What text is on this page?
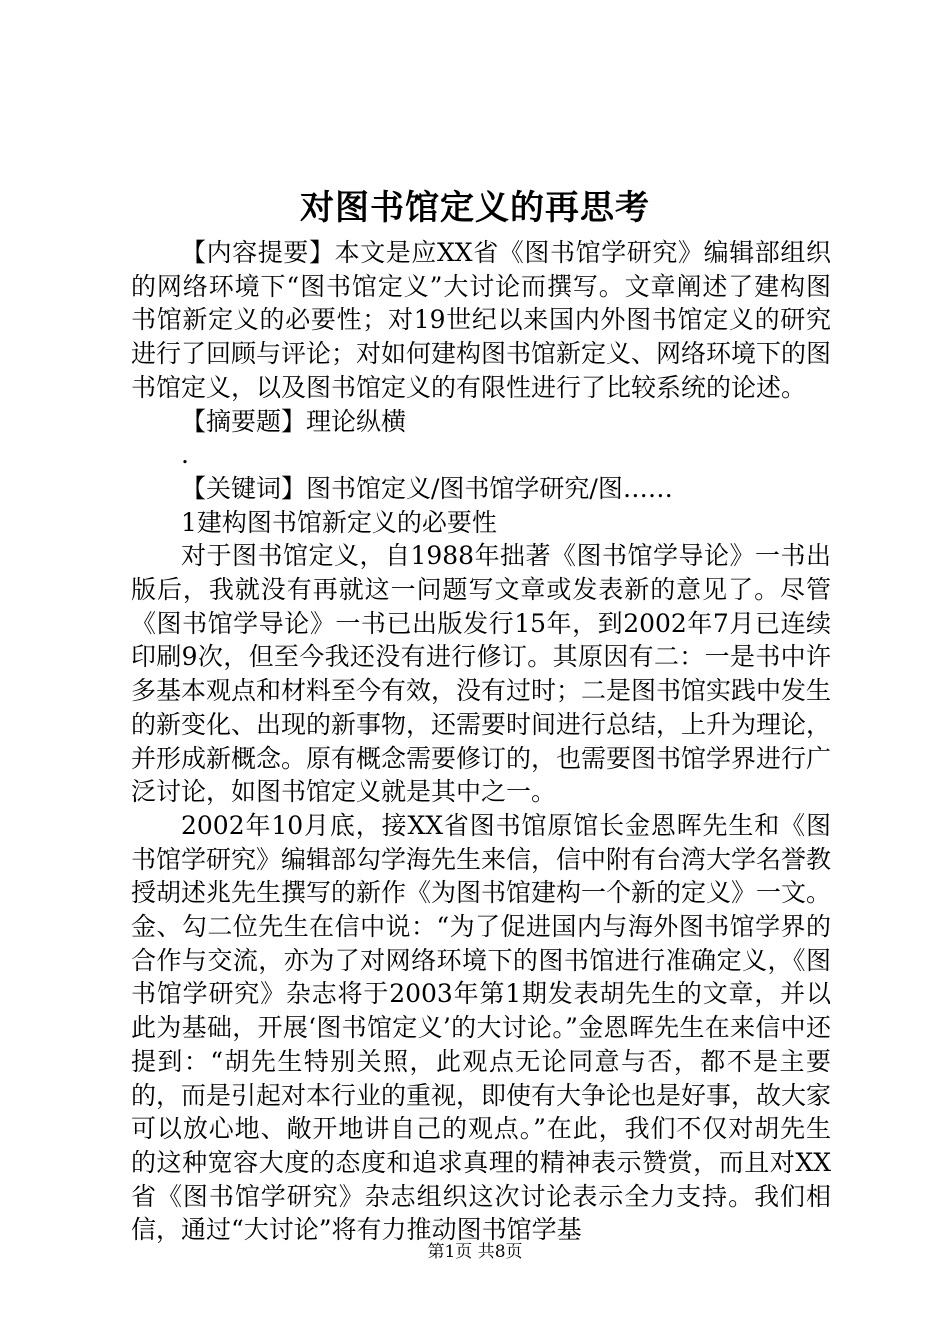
对图书馆定义的再思考

【内容提要】本文是应XX省《图书馆学研究》编辑部组织的网络环境下“图书馆定义”大讨论而撰写。文章阐述了建构图书馆新定义的必要性；对19世纪以来国内外图书馆定义的研究进行了回顾与评论；对如何建构图书馆新定义、网络环境下的图书馆定义，以及图书馆定义的有限性进行了比较系统的论述。

【摘要题】理论纵横

.

【关键词】图书馆定义/图书馆学研究/图……

1建构图书馆新定义的必要性

对于图书馆定义，自1988年拙著《图书馆学导论》一书出版后，我就没有再就这一问题写文章或发表新的意见了。尽管《图书馆学导论》一书已出版发行15年，到2002年7月已连续印刷9次，但至今我还没有进行修订。其原因有二：一是书中许多基本观点和材料至今有效，没有过时；二是图书馆实践中发生的新变化、出现的新事物，还需要时间进行总结，上升为理论，并形成新概念。原有概念需要修订的，也需要图书馆学界进行广泛讨论，如图书馆定义就是其中之一。

2002年10月底，接XX省图书馆原馆长金恩晖先生和《图书馆学研究》编辑部勾学海先生来信，信中附有台湾大学名誉教授胡述兆先生撰写的新作《为图书馆建构一个新的定义》一文。金、勾二位先生在信中说：“为了促进国内与海外图书馆学界的合作与交流，亦为了对网络环境下的图书馆进行准确定义，《图书馆学研究》杂志将于2003年第1期发表胡先生的文章，并以此为基础，开展‘图书馆定义’的大讨论。”金恩晖先生在来信中还提到：“胡先生特别关照，此观点无论同意与否，都不是主要的，而是引起对本行业的重视，即使有大争论也是好事，故大家可以放心地、敞开地讲自己的观点。”在此，我们不仅对胡先生的这种宽容大度的态度和追求真理的精神表示赞赏，而且对XX省《图书馆学研究》杂志组织这次讨论表示全力支持。我们相信，通过“大讨论”将有力推动图书馆学基

第1页 共8页
